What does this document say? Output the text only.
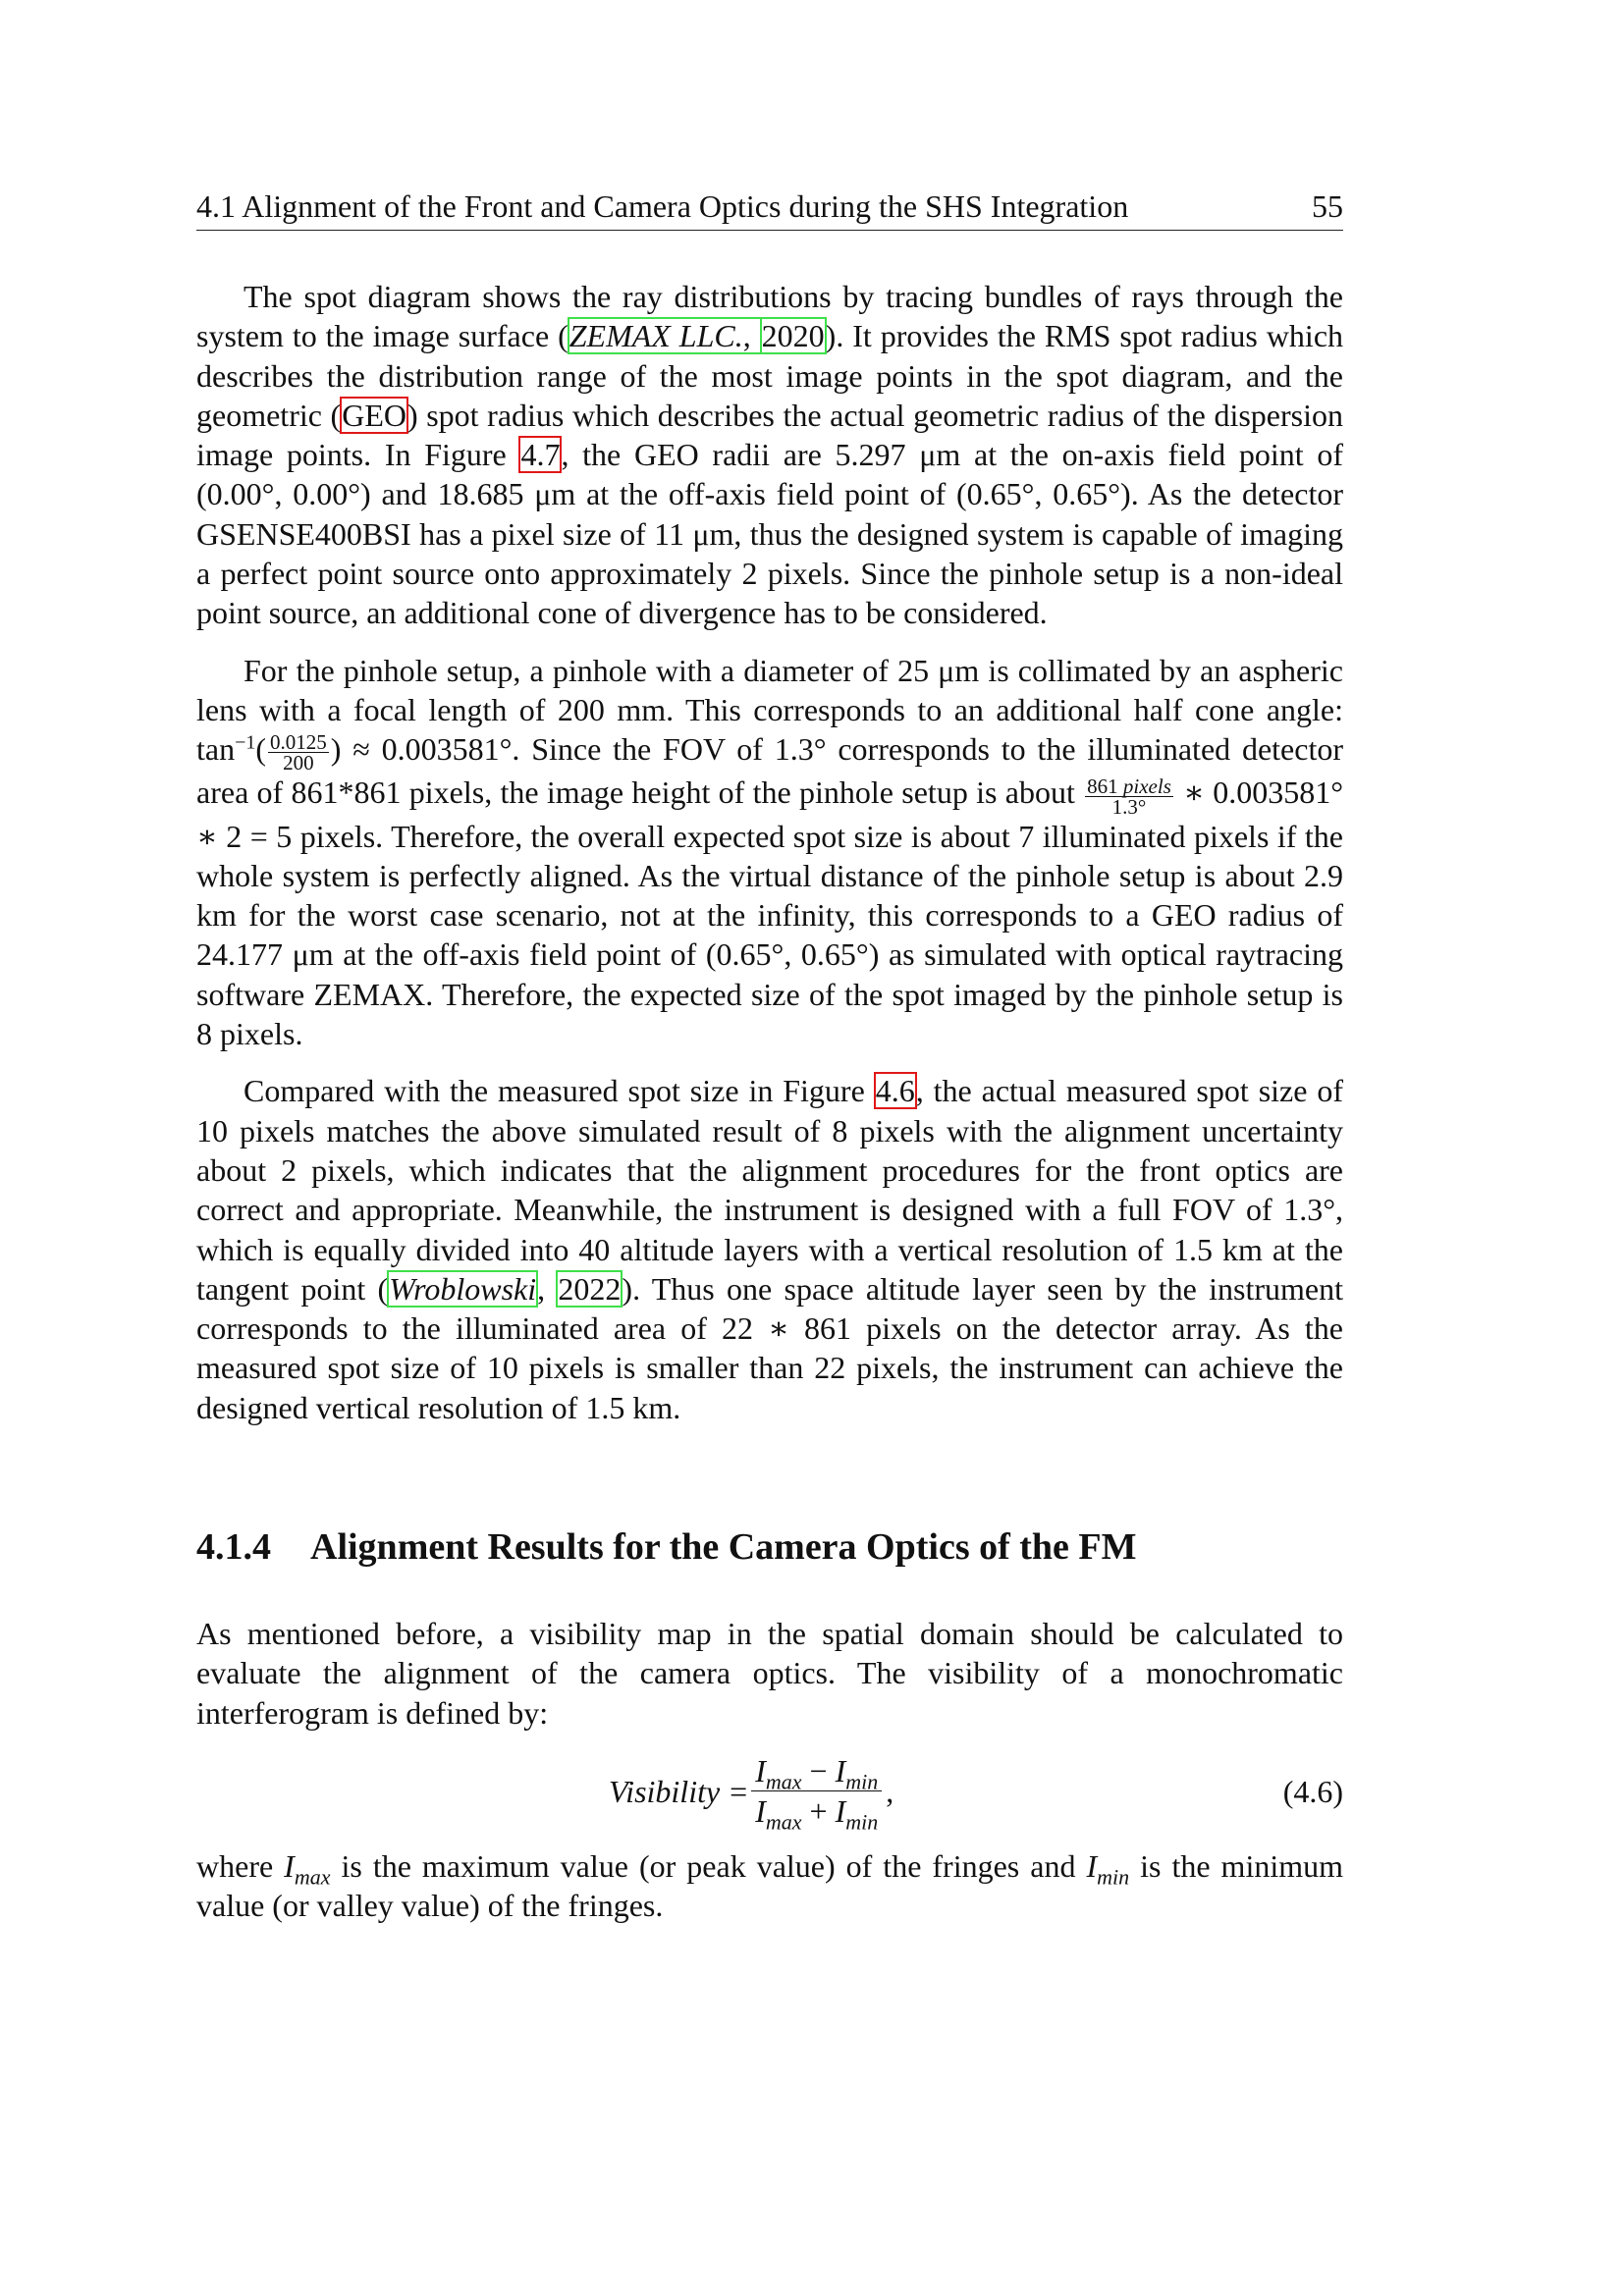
4.1 Alignment of the Front and Camera Optics during the SHS Integration	55

The spot diagram shows the ray distributions by tracing bundles of rays through the system to the image surface (ZEMAX LLC., 2020). It provides the RMS spot radius which describes the distribution range of the most image points in the spot diagram, and the geometric (GEO) spot radius which describes the actual geometric radius of the dispersion image points. In Figure 4.7, the GEO radii are 5.297 μm at the on-axis field point of (0.00°, 0.00°) and 18.685 μm at the off-axis field point of (0.65°, 0.65°). As the detector GSENSE400BSI has a pixel size of 11 μm, thus the designed system is capable of imaging a perfect point source onto approximately 2 pixels. Since the pinhole setup is a non-ideal point source, an additional cone of divergence has to be considered.

For the pinhole setup, a pinhole with a diameter of 25 μm is collimated by an aspheric lens with a focal length of 200 mm. This corresponds to an additional half cone angle: $\tan^{-1}( \frac{0.0125}{200}$ ) ≈ 0.003581°. Since the FOV of 1.3° corresponds to the illuminated detector area of 861*861 pixels, the image height of the pinhole setup is about $\frac{\text{861 pixels}}{1.3^\circ}$ ∗ 0.003581° ∗ 2 = 5 pixels. Therefore, the overall expected spot size is about 7 illuminated pixels if the whole system is perfectly aligned. As the virtual distance of the pinhole setup is about 2.9 km for the worst case scenario, not at the infinity, this corresponds to a GEO radius of 24.177 μm at the off-axis field point of (0.65°, 0.65°) as simulated with optical raytracing software ZEMAX. Therefore, the expected size of the spot imaged by the pinhole setup is 8 pixels.

Compared with the measured spot size in Figure 4.6, the actual measured spot size of 10 pixels matches the above simulated result of 8 pixels with the alignment uncertainty about 2 pixels, which indicates that the alignment procedures for the front optics are correct and appropriate. Meanwhile, the instrument is designed with a full FOV of 1.3°, which is equally divided into 40 altitude layers with a vertical resolution of 1.5 km at the tangent point (Wroblowski, 2022). Thus one space altitude layer seen by the instrument corresponds to the illuminated area of 22 ∗ 861 pixels on the detector array. As the measured spot size of 10 pixels is smaller than 22 pixels, the instrument can achieve the designed vertical resolution of 1.5 km.

4.1.4 Alignment Results for the Camera Optics of the FM

As mentioned before, a visibility map in the spatial domain should be calculated to evaluate the alignment of the camera optics. The visibility of a monochromatic interferogram is defined by:

Visibility = $\frac{I_{max} - I_{min}}{I_{max} + I_{min}}$ ,	(4.6)

where $I_{max}$ is the maximum value (or peak value) of the fringes and $I_{min}$ is the minimum value (or valley value) of the fringes.
